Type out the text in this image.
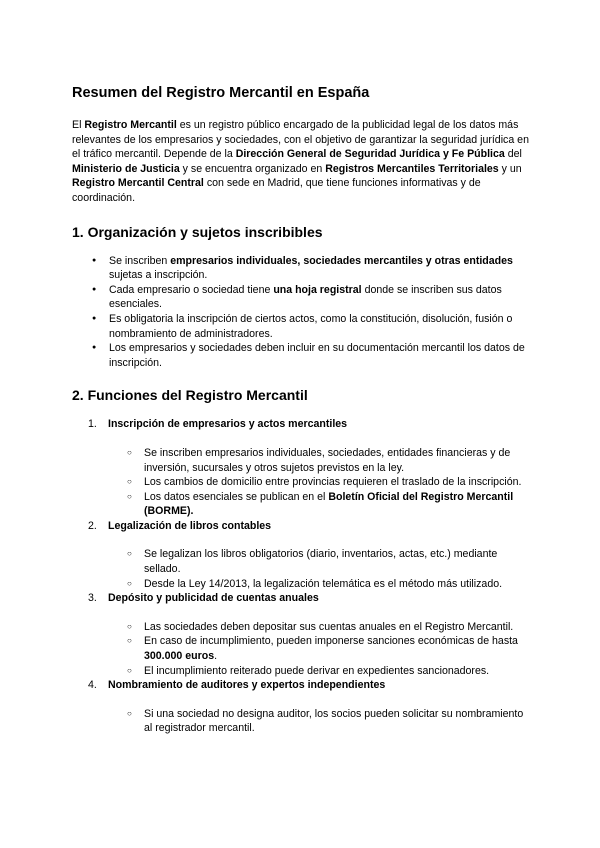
Resumen del Registro Mercantil en España

El Registro Mercantil es un registro público encargado de la publicidad legal de los datos más relevantes de los empresarios y sociedades, con el objetivo de garantizar la seguridad jurídica en el tráfico mercantil. Depende de la Dirección General de Seguridad Jurídica y Fe Pública del Ministerio de Justicia y se encuentra organizado en Registros Mercantiles Territoriales y un Registro Mercantil Central con sede en Madrid, que tiene funciones informativas y de coordinación.

1. Organización y sujetos inscribibles
● Se inscriben empresarios individuales, sociedades mercantiles y otras entidades sujetas a inscripción.
● Cada empresario o sociedad tiene una hoja registral donde se inscriben sus datos esenciales.
● Es obligatoria la inscripción de ciertos actos, como la constitución, disolución, fusión o nombramiento de administradores.
● Los empresarios y sociedades deben incluir en su documentación mercantil los datos de inscripción.
2. Funciones del Registro Mercantil
1. Inscripción de empresarios y actos mercantiles
○ Se inscriben empresarios individuales, sociedades, entidades financieras y de inversión, sucursales y otros sujetos previstos en la ley.
○ Los cambios de domicilio entre provincias requieren el traslado de la inscripción.
○ Los datos esenciales se publican en el Boletín Oficial del Registro Mercantil (BORME).
2. Legalización de libros contables
○ Se legalizan los libros obligatorios (diario, inventarios, actas, etc.) mediante sellado.
○ Desde la Ley 14/2013, la legalización telemática es el método más utilizado.
3. Depósito y publicidad de cuentas anuales
○ Las sociedades deben depositar sus cuentas anuales en el Registro Mercantil.
○ En caso de incumplimiento, pueden imponerse sanciones económicas de hasta 300.000 euros.
○ El incumplimiento reiterado puede derivar en expedientes sancionadores.
4. Nombramiento de auditores y expertos independientes
○ Si una sociedad no designa auditor, los socios pueden solicitar su nombramiento al registrador mercantil.
